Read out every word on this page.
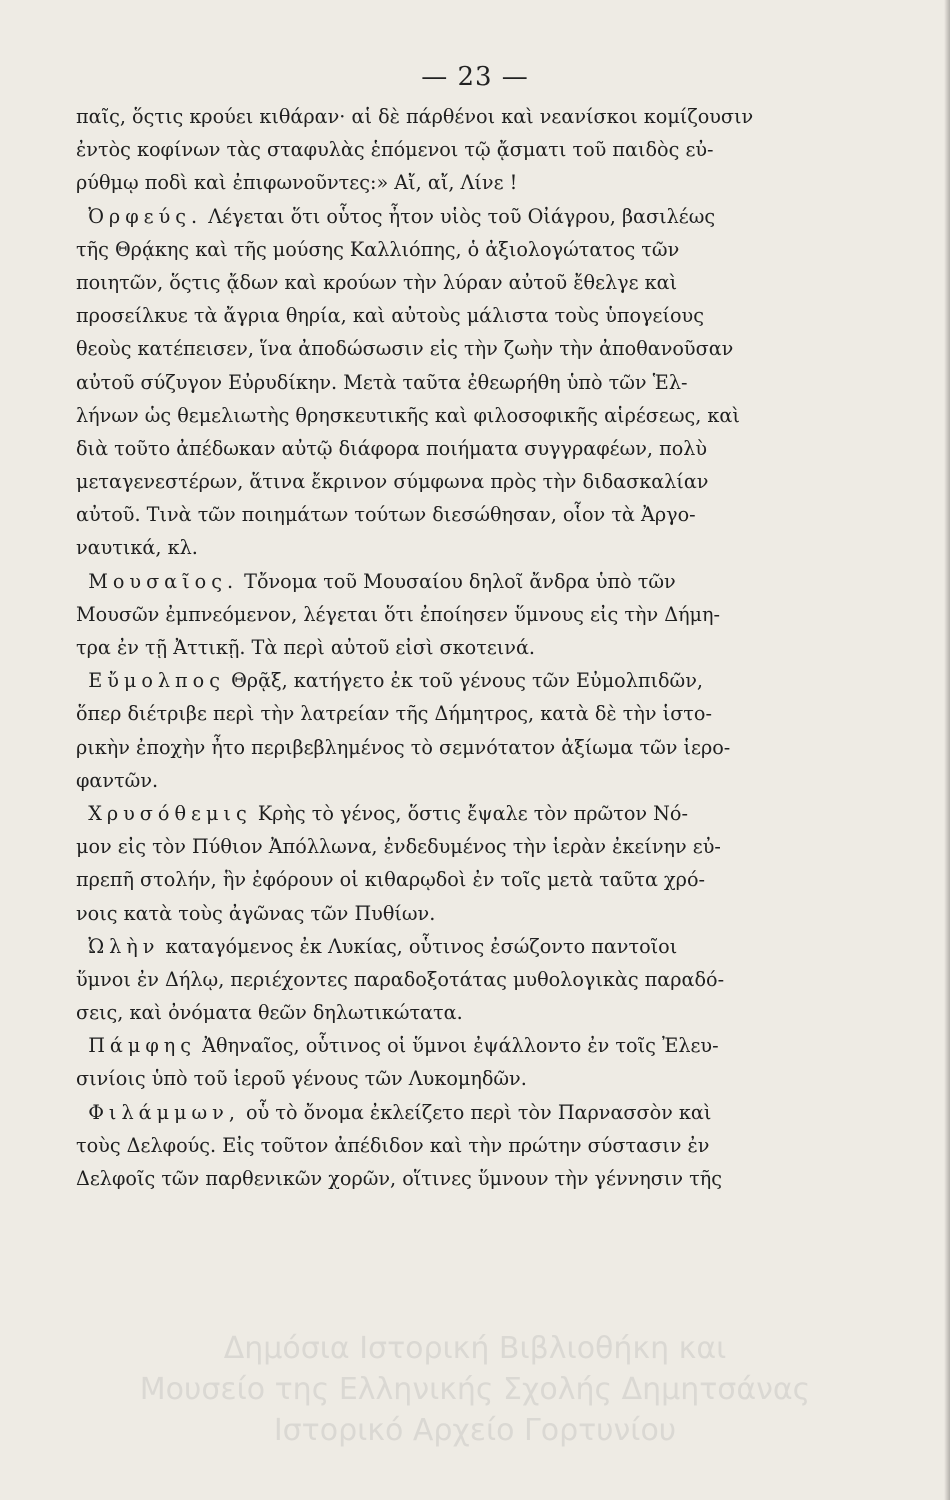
— 23 —

παῖς, ὅςτις κρούει κιθάραν· αἱ δὲ πάρθένοι καὶ νεανίσκοι κομίζουσιν
ἐντὸς κοφίνων τὰς σταφυλὰς ἑπόμενοι τῷ ᾄσματι τοῦ παιδὸς εὐ-
ρύθμῳ ποδὶ καὶ ἐπιφωνοῦντες:» Αἴ, αἴ, Λίνε !

Ὀρφεύς. Λέγεται ὅτι οὗτος ἦτον υἱὸς τοῦ Οἰάγρου, βασιλέως
τῆς Θρᾴκης καὶ τῆς μούσης Καλλιόπης, ὁ ἀξιολογώτατος τῶν
ποιητῶν, ὅςτις ᾄδων καὶ κρούων τὴν λύραν αὐτοῦ ἔθελγε καὶ
προσείλκυε τὰ ἄγρια θηρία, καὶ αὐτοὺς μάλιστα τοὺς ὑπογείους
θεοὺς κατέπεισεν, ἵνα ἀποδώσωσιν εἰς τὴν ζωὴν τὴν ἀποθανοῦσαν
αὐτοῦ σύζυγον Εὐρυδίκην. Μετὰ ταῦτα ἐθεωρήθη ὑπὸ τῶν Ἑλ-
λήνων ὡς θεμελιωτὴς θρησκευτικῆς καὶ φιλοσοφικῆς αἱρέσεως, καὶ
διὰ τοῦτο ἀπέδωκαν αὐτῷ διάφορα ποιήματα συγγραφέων, πολὺ
μεταγενεστέρων, ἅτινα ἔκρινον σύμφωνα πρὸς τὴν διδασκαλίαν
αὐτοῦ. Τινὰ τῶν ποιημάτων τούτων διεσώθησαν, οἷον τὰ Ἀργο-
ναυτικά, κλ.

Μουσαῖος. Τὄνομα τοῦ Μουσαίου δηλοῖ ἄνδρα ὑπὸ τῶν
Μουσῶν ἐμπνεόμενον, λέγεται ὅτι ἐποίησεν ὕμνους εἰς τὴν Δήμη-
τρα ἐν τῇ Ἀττικῇ. Τὰ περὶ αὐτοῦ εἰσὶ σκοτεινά.

Εὔμολπος Θρᾷξ, κατήγετο ἐκ τοῦ γένους τῶν Εὐμολπιδῶν,
ὅπερ διέτριβε περὶ τὴν λατρείαν τῆς Δήμητρος, κατὰ δὲ τὴν ἱστο-
ρικὴν ἐποχὴν ἦτο περιβεβλημένος τὸ σεμνότατον ἀξίωμα τῶν ἱερο-
φαντῶν.

Χρυσόθεμις Κρὴς τὸ γένος, ὅστις ἔψαλε τὸν πρῶτον Νό-
μον εἰς τὸν Πύθιον Ἀπόλλωνα, ἐνδεδυμένος τὴν ἱερὰν ἐκείνην εὐ-
πρεπῆ στολήν, ἣν ἐφόρουν οἱ κιθαρῳδοὶ ἐν τοῖς μετὰ ταῦτα χρό-
νοις κατὰ τοὺς ἀγῶνας τῶν Πυθίων.

Ὠλὴν καταγόμενος ἐκ Λυκίας, οὗτινος ἐσώζοντο παντοῖοι
ὕμνοι ἐν Δήλῳ, περιέχοντες παραδοξοτάτας μυθολογικὰς παραδό-
σεις, καὶ ὀνόματα θεῶν δηλωτικώτατα.

Πάμφης Ἀθηναῖος, οὗτινος οἱ ὕμνοι ἐψάλλοντο ἐν τοῖς Ἐλευ-
σινίοις ὑπὸ τοῦ ἱεροῦ γένους τῶν Λυκομηδῶν.

Φιλάμμων, οὗ τὸ ὄνομα ἐκλείζετο περὶ τὸν Παρνασσὸν καὶ
τοὺς Δελφούς. Εἰς τοῦτον ἀπέδιδον καὶ τὴν πρώτην σύστασιν ἐν
Δελφοῖς τῶν παρθενικῶν χορῶν, οἵτινες ὕμνουν τὴν γέννησιν τῆς

Δημόσια Ιστορική Βιβλιοθήκη και
Μουσείο της Ελληνικής Σχολής Δημητσάνας
Ιστορικό Αρχείο Γορτυνίου
